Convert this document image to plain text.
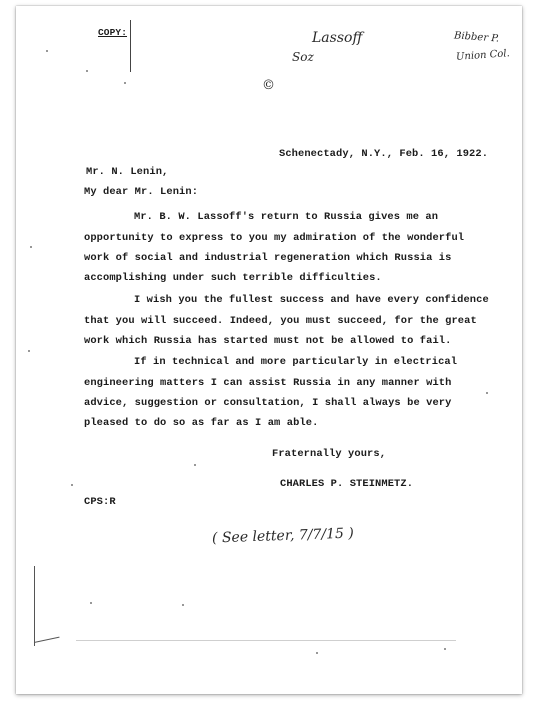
COPY:	Lassoff
Soz
Bibber P.
Union Col.
©
Schenectady, N.Y., Feb. 16, 1922.
Mr. N. Lenin,
My dear Mr. Lenin:
Mr. B. W. Lassoff's return to Russia gives me an
opportunity to express to you my admiration of the wonderful
work of social and industrial regeneration which Russia is
accomplishing under such terrible difficulties.
I wish you the fullest success and have every confidence
that you will succeed. Indeed, you must succeed, for the great
work which Russia has started must not be allowed to fail.
If in technical and more particularly in electrical
engineering matters I can assist Russia in any manner with
advice, suggestion or consultation, I shall always be very
pleased to do so as far as I am able.
Fraternally yours,
CHARLES P. STEINMETZ.
CPS:R
( See letter, 7/7/15 )
